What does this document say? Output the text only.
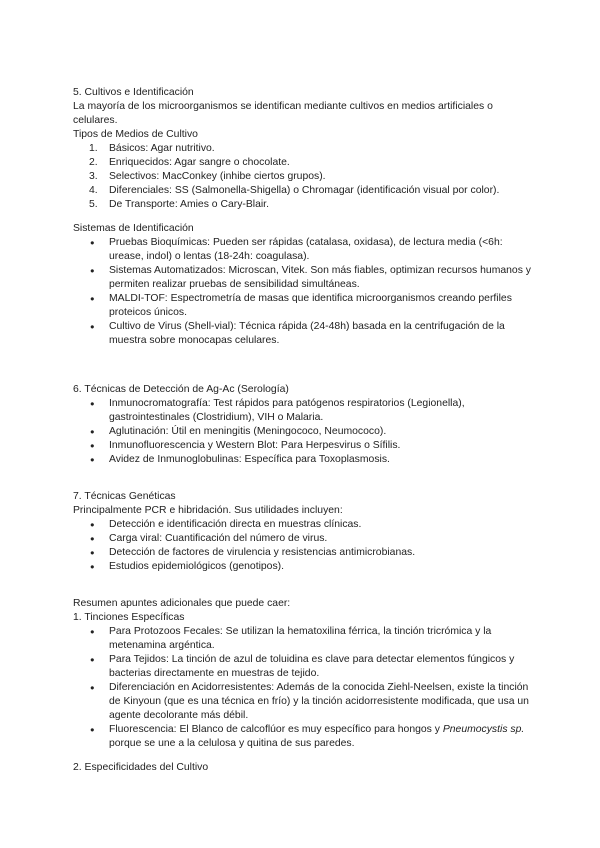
5. Cultivos e Identificación

La mayoría de los microorganismos se identifican mediante cultivos en medios artificiales o celulares.

Tipos de Medios de Cultivo

1. Básicos: Agar nutritivo.
2. Enriquecidos: Agar sangre o chocolate.
3. Selectivos: MacConkey (inhibe ciertos grupos).
4. Diferenciales: SS (Salmonella-Shigella) o Chromagar (identificación visual por color).
5. De Transporte: Amies o Cary-Blair.

Sistemas de Identificación

● Pruebas Bioquímicas: Pueden ser rápidas (catalasa, oxidasa), de lectura media (<6h: urease, indol) o lentas (18-24h: coagulasa).
● Sistemas Automatizados: Microscan, Vitek. Son más fiables, optimizan recursos humanos y permiten realizar pruebas de sensibilidad simultáneas.
● MALDI-TOF: Espectrometría de masas que identifica microorganismos creando perfiles proteicos únicos.
● Cultivo de Virus (Shell-vial): Técnica rápida (24-48h) basada en la centrifugación de la muestra sobre monocapas celulares.

6. Técnicas de Detección de Ag-Ac (Serología)

● Inmunocromatografía: Test rápidos para patógenos respiratorios (Legionella), gastrointestinales (Clostridium), VIH o Malaria.
● Aglutinación: Útil en meningitis (Meningococo, Neumococo).
● Inmunofluorescencia y Western Blot: Para Herpesvirus o Sífilis.
● Avidez de Inmunoglobulinas: Específica para Toxoplasmosis.

7. Técnicas Genéticas

Principalmente PCR e hibridación. Sus utilidades incluyen:

● Detección e identificación directa en muestras clínicas.
● Carga viral: Cuantificación del número de virus.
● Detección de factores de virulencia y resistencias antimicrobianas.
● Estudios epidemiológicos (genotipos).

Resumen apuntes adicionales que puede caer:

1. Tinciones Específicas

● Para Protozoos Fecales: Se utilizan la hematoxilina férrica, la tinción tricrómica y la metenamina argéntica.
● Para Tejidos: La tinción de azul de toluidina es clave para detectar elementos fúngicos y bacterias directamente en muestras de tejido.
● Diferenciación en Acidorresistentes: Además de la conocida Ziehl-Neelsen, existe la tinción de Kinyoun (que es una técnica en frío) y la tinción acidorresistente modificada, que usa un agente decolorante más débil.
● Fluorescencia: El Blanco de calcoflúor es muy específico para hongos y Pneumocystis sp. porque se une a la celulosa y quitina de sus paredes.

2. Especificidades del Cultivo
